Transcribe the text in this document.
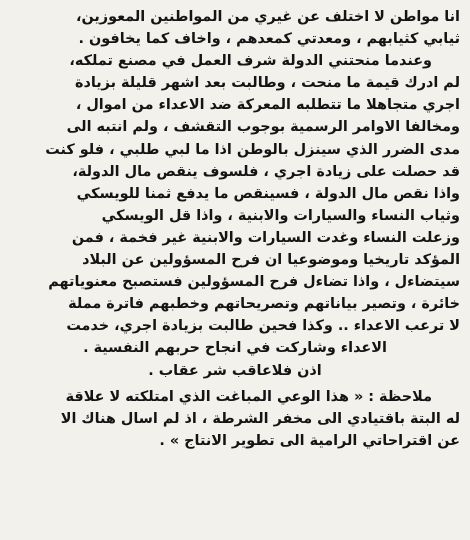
انا مواطن لا اختلف عن غيري من المواطنين المعوزين،
ثيابي كثيابهم ، ومعدتي كمعدهم ، واخاف كما يخافون .
وعندما منحتني الدولة شرف العمل في مصنع تملكه،
لم ادرك قيمة ما منحت ، وطالبت بعد اشهر قليلة بزيادة
اجري متجاهلا ما تتطلبه المعركة ضد الاعداء من اموال ،
ومخالفا الاوامر الرسمية بوجوب التقشف ، ولم انتبه الى
مدى الضرر الذي سينزل بالوطن اذا ما لبي طلبي ، فلو كنت
قد حصلت على زيادة اجري ، فلسوف ينقص مال الدولة،
واذا نقص مال الدولة ، فسينقص ما يدفع ثمنا للويسكي
وثياب النساء والسيارات والابنية ، واذا قل الويسكي
وزعلت النساء وغدت السيارات والابنية غير فخمة ، فمن
المؤكد تاريخيا وموضوعيا ان فرح المسؤولين عن البلاد
سيتضاءل ، واذا تضاءل فرح المسؤولين فستصبح معنوياتهم
خائرة ، وتصير بياناتهم وتصريحاتهم وخطبهم فاترة مملة
لا ترعب الاعداء .. وكذا فحين طالبت بزيادة اجري، خدمت
الاعداء وشاركت في انجاح حربهم النفسية .
اذن فلاعاقب شر عقاب .
ملاحظة : « هذا الوعي المباغت الذي امتلكته لا علاقة
له البتة باقتيادي الى مخفر الشرطة ، اذ لم اسال هناك الا
عن اقتراحاتي الرامية الى تطوير الانتاج » .
